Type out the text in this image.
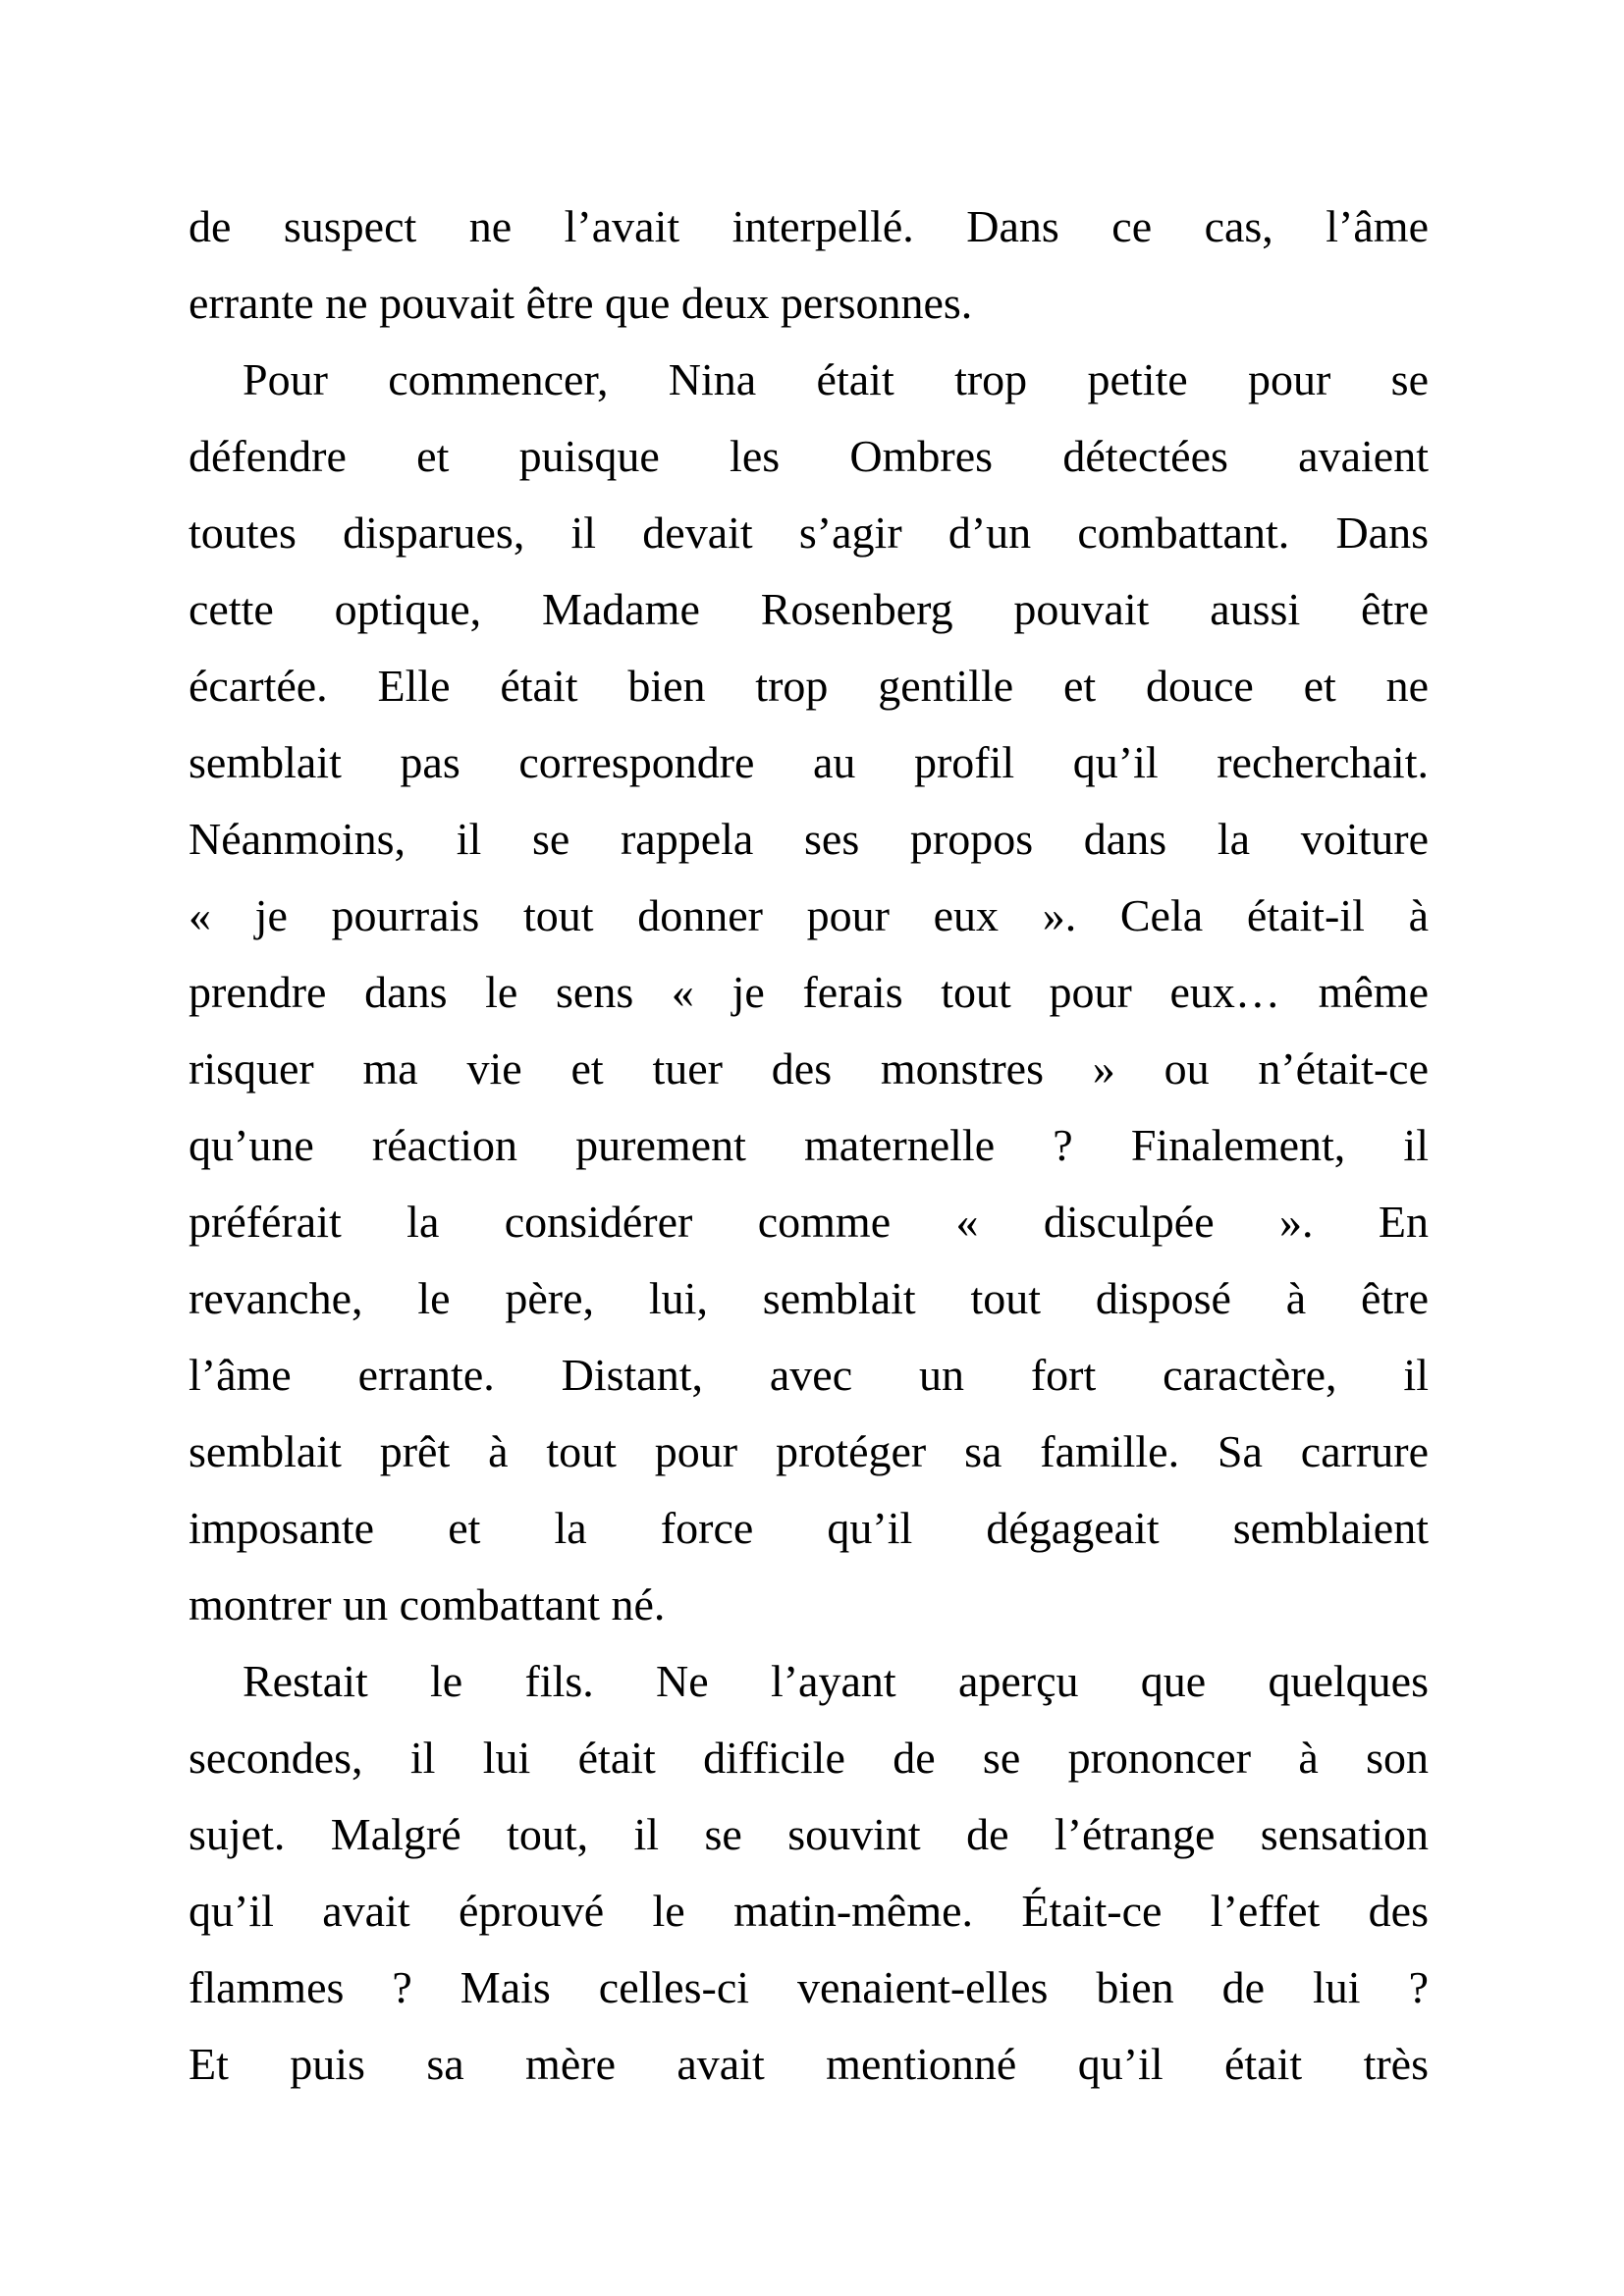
de suspect ne l’avait interpellé. Dans ce cas, l’âme
errante ne pouvait être que deux personnes.
Pour commencer, Nina était trop petite pour se
défendre et puisque les Ombres détectées avaient
toutes disparues, il devait s’agir d’un combattant. Dans
cette optique, Madame Rosenberg pouvait aussi être
écartée. Elle était bien trop gentille et douce et ne
semblait pas correspondre au profil qu’il recherchait.
Néanmoins, il se rappela ses propos dans la voiture
« je pourrais tout donner pour eux ». Cela était-il à
prendre dans le sens « je ferais tout pour eux… même
risquer ma vie et tuer des monstres » ou n’était-ce
qu’une réaction purement maternelle ? Finalement, il
préférait la considérer comme « disculpée ». En
revanche, le père, lui, semblait tout disposé à être
l’âme errante. Distant, avec un fort caractère, il
semblait prêt à tout pour protéger sa famille. Sa carrure
imposante et la force qu’il dégageait semblaient
montrer un combattant né.
Restait le fils. Ne l’ayant aperçu que quelques
secondes, il lui était difficile de se prononcer à son
sujet. Malgré tout, il se souvint de l’étrange sensation
qu’il avait éprouvé le matin-même. Était-ce l’effet des
flammes ? Mais celles-ci venaient-elles bien de lui ?
Et puis sa mère avait mentionné qu’il était très
